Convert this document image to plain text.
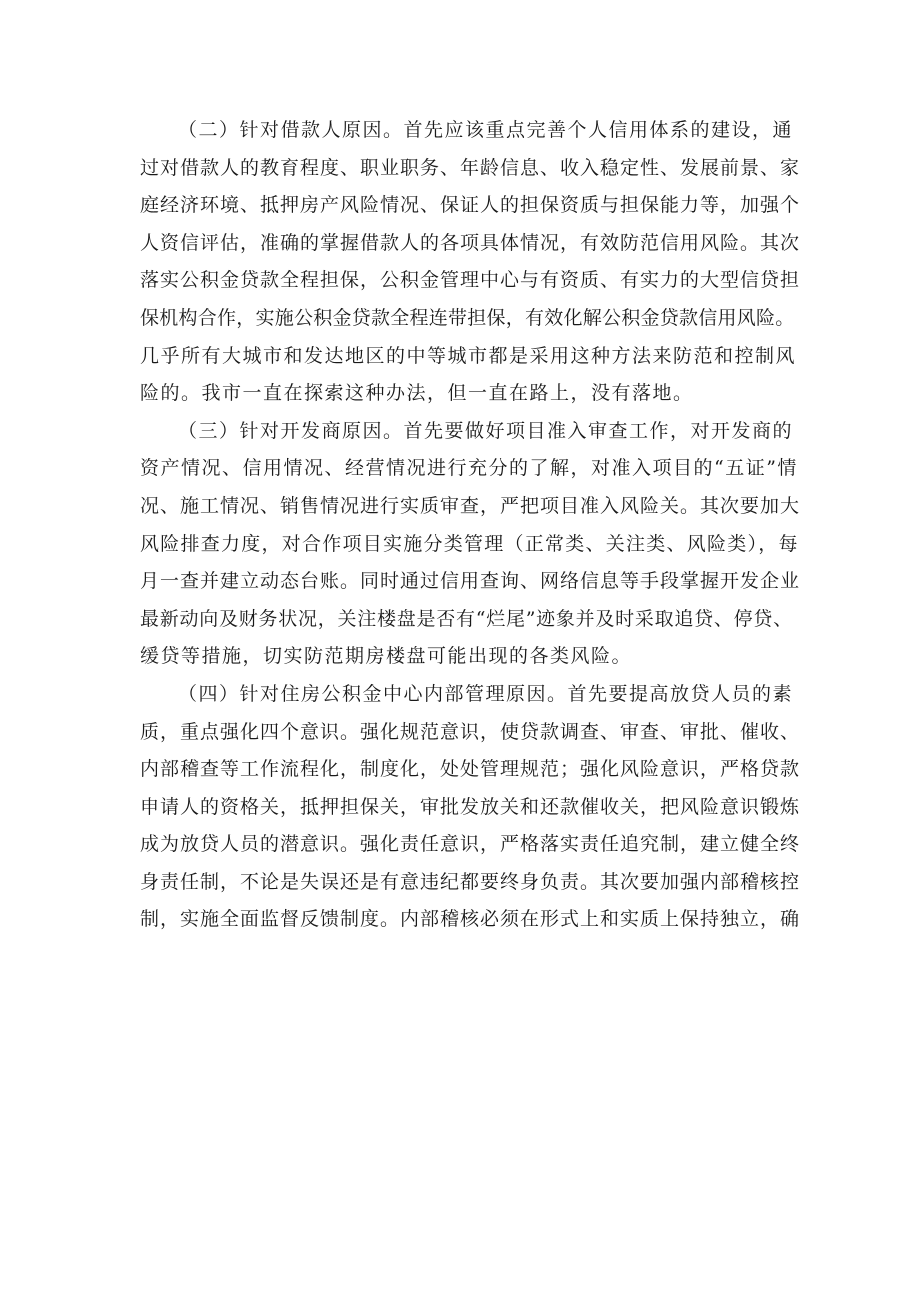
（二）针对借款人原因。首先应该重点完善个人信用体系的建设，通
过对借款人的教育程度、职业职务、年龄信息、收入稳定性、发展前景、家
庭经济环境、抵押房产风险情况、保证人的担保资质与担保能力等，加强个
人资信评估，准确的掌握借款人的各项具体情况，有效防范信用风险。其次
落实公积金贷款全程担保，公积金管理中心与有资质、有实力的大型信贷担
保机构合作，实施公积金贷款全程连带担保，有效化解公积金贷款信用风险。
几乎所有大城市和发达地区的中等城市都是采用这种方法来防范和控制风
险的。我市一直在探索这种办法，但一直在路上，没有落地。
（三）针对开发商原因。首先要做好项目准入审查工作，对开发商的
资产情况、信用情况、经营情况进行充分的了解，对准入项目的“五证”情
况、施工情况、销售情况进行实质审查，严把项目准入风险关。其次要加大
风险排查力度，对合作项目实施分类管理（正常类、关注类、风险类），每
月一查并建立动态台账。同时通过信用查询、网络信息等手段掌握开发企业
最新动向及财务状况，关注楼盘是否有“烂尾”迹象并及时采取追贷、停贷、
缓贷等措施，切实防范期房楼盘可能出现的各类风险。
（四）针对住房公积金中心内部管理原因。首先要提高放贷人员的素
质，重点强化四个意识。强化规范意识，使贷款调查、审查、审批、催收、
内部稽查等工作流程化，制度化，处处管理规范；强化风险意识，严格贷款
申请人的资格关，抵押担保关，审批发放关和还款催收关，把风险意识锻炼
成为放贷人员的潜意识。强化责任意识，严格落实责任追究制，建立健全终
身责任制，不论是失误还是有意违纪都要终身负责。其次要加强内部稽核控
制，实施全面监督反馈制度。内部稽核必须在形式上和实质上保持独立，确
